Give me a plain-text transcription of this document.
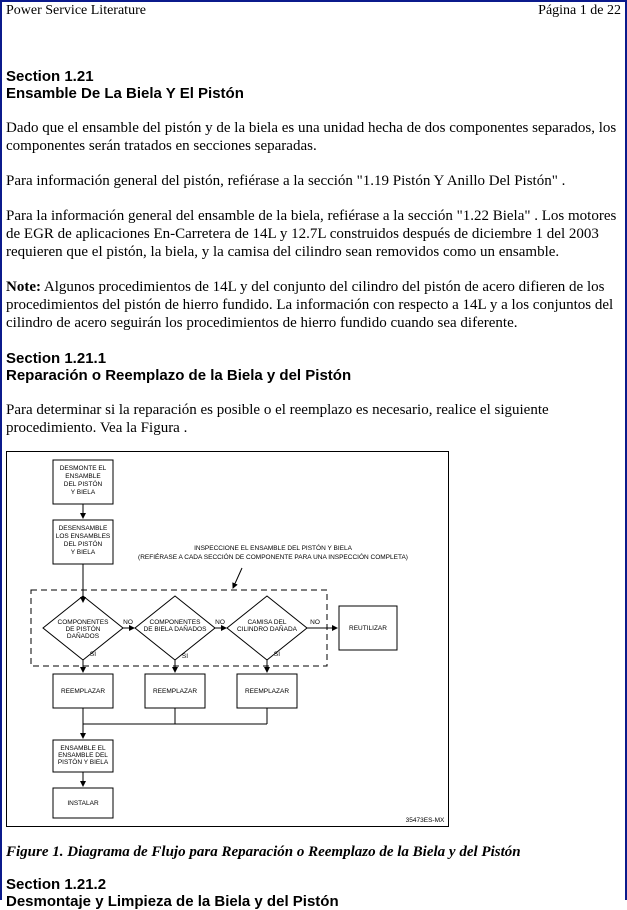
Power Service Literature	Página 1 de 22
Section 1.21
Ensamble De La Biela Y El Pistón

Dado que el ensamble del pistón y de la biela es una unidad hecha de dos componentes separados, los componentes serán tratados en secciones separadas.

Para información general del pistón, refiérase a la sección "1.19 Pistón Y Anillo Del Pistón" .

Para la información general del ensamble de la biela, refiérase a la sección "1.22 Biela" . Los motores de EGR de aplicaciones En-Carretera de 14L y 12.7L construidos después de diciembre 1 del 2003 requieren que el pistón, la biela, y la camisa del cilindro sean removidos como un ensamble.

Note: Algunos procedimientos de 14L y del conjunto del cilindro del pistón de acero difieren de los procedimientos del pistón de hierro fundido. La información con respecto a 14L y a los conjuntos del cilindro de acero seguirán los procedimientos de hierro fundido cuando sea diferente.

Section 1.21.1
Reparación o Reemplazo de la Biela y del Pistón

Para determinar si la reparación es posible o el reemplazo es necesario, realice el siguiente procedimiento. Vea la Figura .

DESMONTE EL
ENSAMBLE
DEL PISTÓN
Y BIELA
DESENSAMBLE
LOS ENSAMBLES
DEL PISTÓN
Y BIELA
INSPECCIONE EL ENSAMBLE DEL PISTÓN Y BIELA
(REFIÉRASE A CADA SECCIÓN DE COMPONENTE PARA UNA INSPECCIÓN COMPLETA)
COMPONENTES
DE PISTÓN
DAÑADOS
COMPONENTES
DE BIELA DAÑADOS
CAMISA DEL
CILINDRO DAÑADA	REUTILIZAR
NO	NO	NO
SI	SI	SI
REEMPLAZAR	REEMPLAZAR	REEMPLAZAR
ENSAMBLE EL
ENSAMBLE DEL
PISTÓN Y BIELA
INSTALAR
35473ES-MX

Figure 1. Diagrama de Flujo para Reparación o Reemplazo de la Biela y del Pistón

Section 1.21.2
Desmontaje y Limpieza de la Biela y del Pistón
